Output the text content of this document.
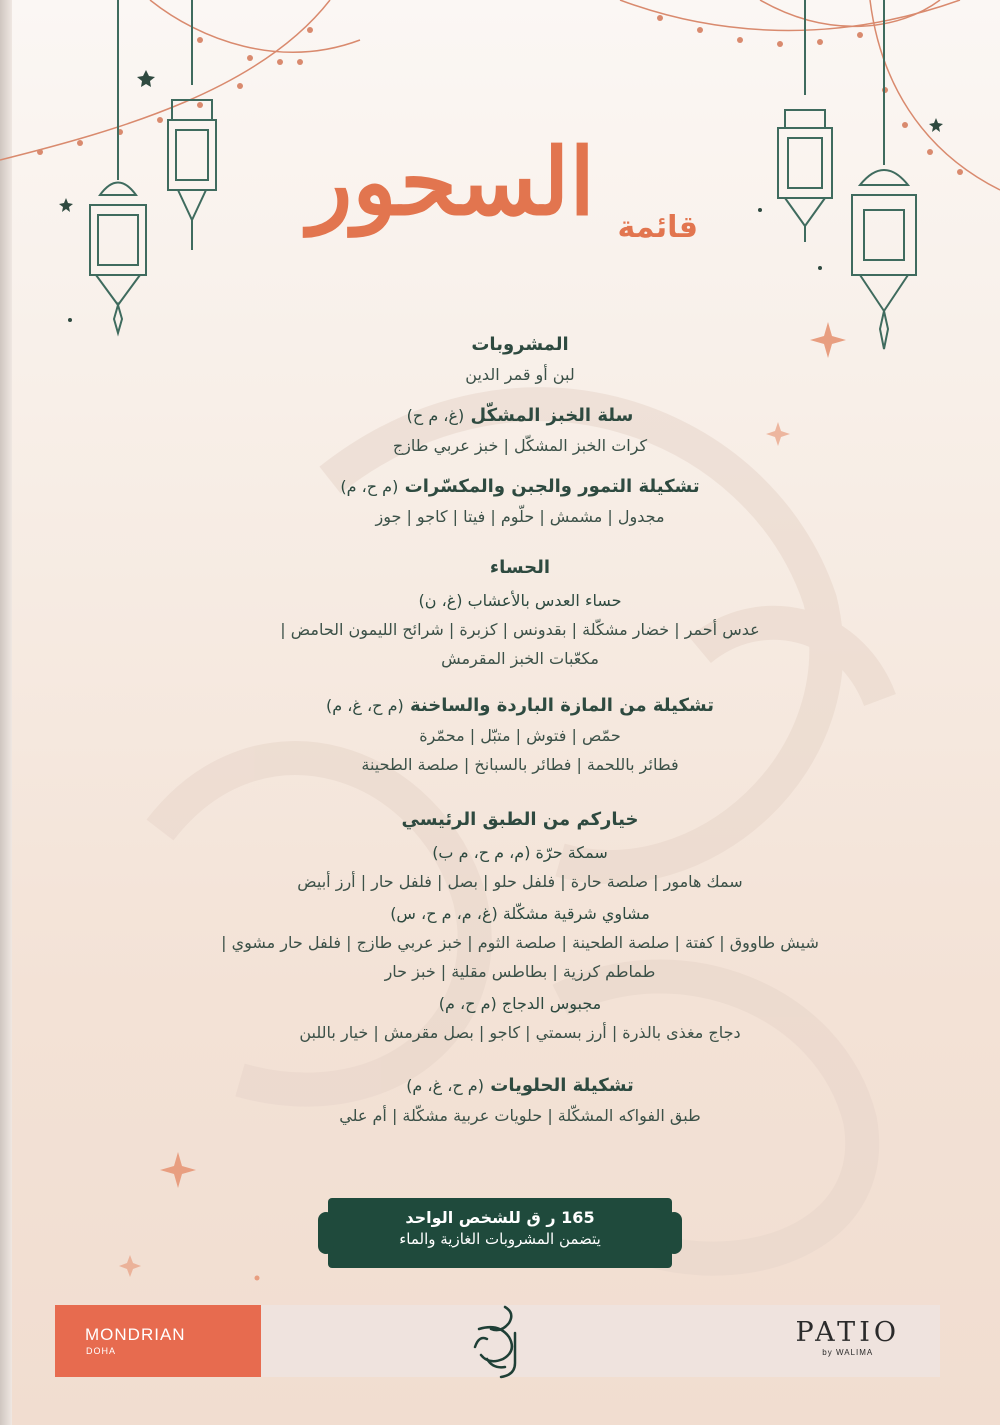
قائمة
السحور
المشروبات
لبن أو قمر الدين
سلة الخبز المشكّل (غ، م ح)
كرات الخبز المشكّل | خبز عربي طازج
تشكيلة التمور والجبن والمكسّرات (م ح، م)
مجدول | مشمش | حلّوم | فيتا | كاجو | جوز
الحساء
حساء العدس بالأعشاب (غ، ن)
عدس أحمر | خضار مشكّلة | بقدونس | كزبرة | شرائح الليمون الحامض |
مكعّبات الخبز المقرمش
تشكيلة من المازة الباردة والساخنة (م ح، غ، م)
حمّص | فتوش | متبّل | محمّرة
فطائر باللحمة | فطائر بالسبانخ | صلصة الطحينة
خياركم من الطبق الرئيسي
سمكة حرّة (م، م ح، م ب)
سمك هامور | صلصة حارة | فلفل حلو | بصل | فلفل حار | أرز أبيض
مشاوي شرقية مشكّلة (غ، م، م ح، س)
شيش طاووق | كفتة | صلصة الطحينة | صلصة الثوم | خبز عربي طازج | فلفل حار مشوي |
طماطم كرزية | بطاطس مقلية | خبز حار
مجبوس الدجاج (م ح، م)
دجاج مغذى بالذرة | أرز بسمتي | كاجو | بصل مقرمش | خيار باللبن
تشكيلة الحلويات (م ح، غ، م)
طبق الفواكه المشكّلة | حلويات عربية مشكّلة | أم علي
165 ر ق للشخص الواحد
يتضمن المشروبات الغازية والماء
MONDRIAN
DOHA
PATIO
by WALIMA
